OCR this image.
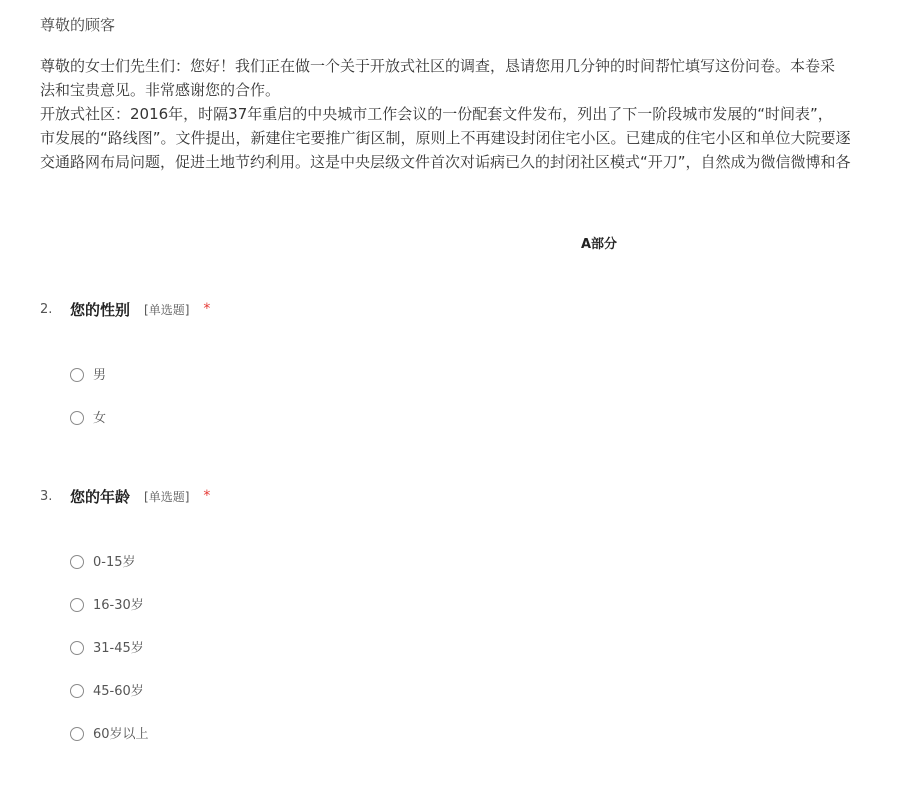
尊敬的顾客

尊敬的女士们先生们：您好！我们正在做一个关于开放式社区的调查，恳请您用几分钟的时间帮忙填写这份问卷。本卷采

法和宝贵意见。非常感谢您的合作。

开放式社区：2016年，时隔37年重启的中央城市工作会议的一份配套文件发布，列出了下一阶段城市发展的“时间表”，

市发展的“路线图”。文件提出，新建住宅要推广街区制，原则上不再建设封闭住宅小区。已建成的住宅小区和单位大院要逐

交通路网布局问题，促进土地节约利用。这是中央层级文件首次对诟病已久的封闭社区模式“开刀”，自然成为微信微博和各

A部分
2.	您的性别 [单选题] *
男
女
3.	您的年龄 [单选题] *
0-15岁
16-30岁
31-45岁
45-60岁
60岁以上
